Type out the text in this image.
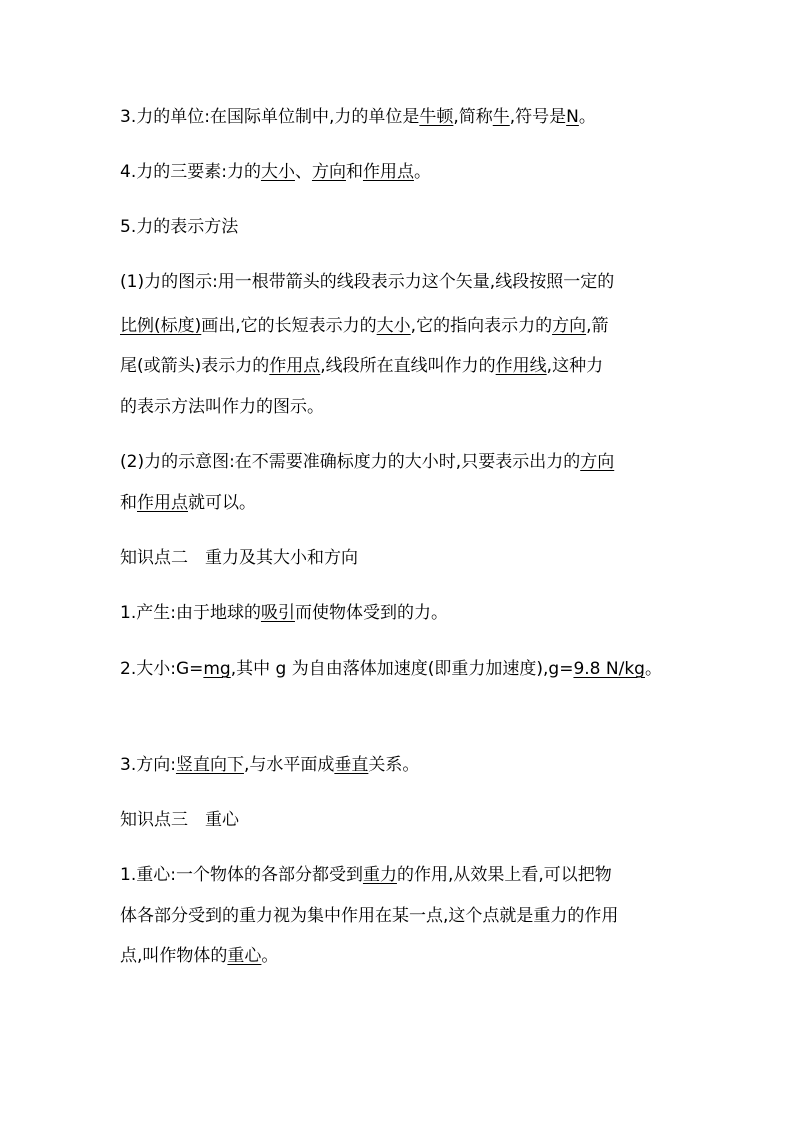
3.力的单位:在国际单位制中,力的单位是牛顿,简称牛,符号是N。
4.力的三要素:力的大小、方向和作用点。
5.力的表示方法
(1)力的图示:用一根带箭头的线段表示力这个矢量,线段按照一定的
比例(标度)画出,它的长短表示力的大小,它的指向表示力的方向,箭
尾(或箭头)表示力的作用点,线段所在直线叫作力的作用线,这种力
的表示方法叫作力的图示。
(2)力的示意图:在不需要准确标度力的大小时,只要表示出力的方向
和作用点就可以。
知识点二　重力及其大小和方向
1.产生:由于地球的吸引而使物体受到的力。
2.大小:G=mg,其中 g 为自由落体加速度(即重力加速度),g=9.8 N/kg。
3.方向:竖直向下,与水平面成垂直关系。
知识点三　重心
1.重心:一个物体的各部分都受到重力的作用,从效果上看,可以把物
体各部分受到的重力视为集中作用在某一点,这个点就是重力的作用
点,叫作物体的重心。
